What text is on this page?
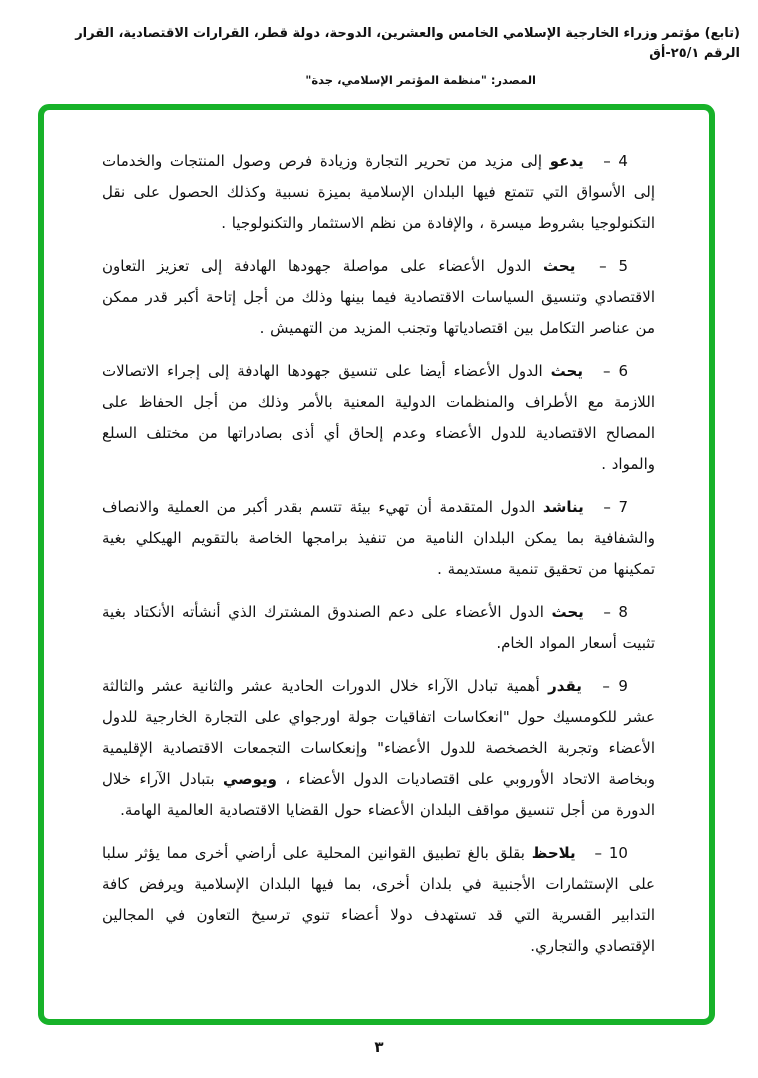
(تابع) مؤتمر وزراء الخارجية الإسلامي الخامس والعشرين، الدوحة، دولة قطر، القرارات الاقتصادية، القرار الرقم ٢٥/١-أق
المصدر: "منظمة المؤتمر الإسلامي، جدة"

4 – يدعو إلى مزيد من تحرير التجارة وزيادة فرص وصول المنتجات والخدمات إلى الأسواق التي تتمتع فيها البلدان الإسلامية بميزة نسبية وكذلك الحصول على نقل التكنولوجيا بشروط ميسرة ، والإفادة من نظم الاستثمار والتكنولوجيا .

5 – يحث الدول الأعضاء على مواصلة جهودها الهادفة إلى تعزيز التعاون الاقتصادي وتنسيق السياسات الاقتصادية فيما بينها وذلك من أجل إتاحة أكبر قدر ممكن من عناصر التكامل بين اقتصادياتها وتجنب المزيد من التهميش .

6 – يحث الدول الأعضاء أيضا على تنسيق جهودها الهادفة إلى إجراء الاتصالات اللازمة مع الأطراف والمنظمات الدولية المعنية بالأمر وذلك من أجل الحفاظ على المصالح الاقتصادية للدول الأعضاء وعدم إلحاق أي أذى بصادراتها من مختلف السلع والمواد .

7 – يناشد الدول المتقدمة أن تهيء بيئة تتسم بقدر أكبر من العملية والانصاف والشفافية بما يمكن البلدان النامية من تنفيذ برامجها الخاصة بالتقويم الهيكلي بغية تمكينها من تحقيق تنمية مستديمة .

8 – يحث الدول الأعضاء على دعم الصندوق المشترك الذي أنشأته الأنكتاد بغية تثبيت أسعار المواد الخام.

9 – يقدر أهمية تبادل الآراء خلال الدورات الحادية عشر والثانية عشر والثالثة عشر للكومسيك حول "انعكاسات اتفاقيات جولة اورجواي على التجارة الخارجية للدول الأعضاء وتجربة الخصخصة للدول الأعضاء" وإنعكاسات التجمعات الاقتصادية الإقليمية وبخاصة الاتحاد الأوروبي على اقتصاديات الدول الأعضاء ، ويوصي بتبادل الآراء خلال الدورة من أجل تنسيق مواقف البلدان الأعضاء حول القضايا الاقتصادية العالمية الهامة.

10 – يلاحظ بقلق بالغ تطبيق القوانين المحلية على أراضي أخرى مما يؤثر سلبا على الإستثمارات الأجنبية في بلدان أخرى، بما فيها البلدان الإسلامية ويرفض كافة التدابير القسرية التي قد تستهدف دولا أعضاء تنوي ترسيخ التعاون في المجالين الإقتصادي والتجاري.

٣
